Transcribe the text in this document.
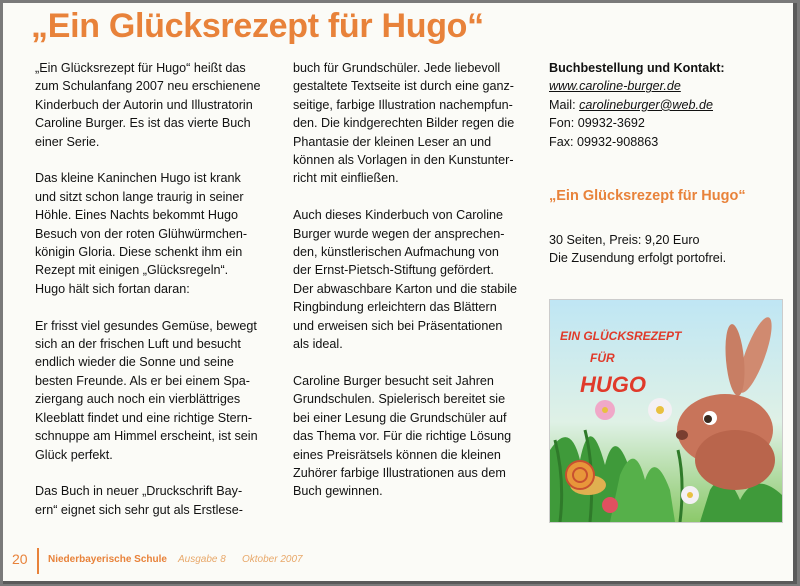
„Ein Glücksrezept für Hugo“

„Ein Glücksrezept für Hugo“ heißt das
zum Schulanfang 2007 neu erschienene
Kinderbuch der Autorin und Illustratorin
Caroline Burger. Es ist das vierte Buch
einer Serie.

Das kleine Kaninchen Hugo ist krank
und sitzt schon lange traurig in seiner
Höhle. Eines Nachts bekommt Hugo
Besuch von der roten Glühwürmchen-
königin Gloria. Diese schenkt ihm ein
Rezept mit einigen „Glücksregeln“.
Hugo hält sich fortan daran:

Er frisst viel gesundes Gemüse, bewegt
sich an der frischen Luft und besucht
endlich wieder die Sonne und seine
besten Freunde. Als er bei einem Spa-
ziergang auch noch ein vierblättriges
Kleeblatt findet und eine richtige Stern-
schnuppe am Himmel erscheint, ist sein
Glück perfekt.

Das Buch in neuer „Druckschrift Bay-
ern“ eignet sich sehr gut als Erstlese-

buch für Grundschüler. Jede liebevoll
gestaltete Textseite ist durch eine ganz-
seitige, farbige Illustration nachempfun-
den. Die kindgerechten Bilder regen die
Phantasie der kleinen Leser an und
können als Vorlagen in den Kunstunter-
richt mit einfließen.

Auch dieses Kinderbuch von Caroline
Burger wurde wegen der ansprechen-
den, künstlerischen Aufmachung von
der Ernst-Pietsch-Stiftung gefördert.
Der abwaschbare Karton und die stabile
Ringbindung erleichtern das Blättern
und erweisen sich bei Präsentationen
als ideal.

Caroline Burger besucht seit Jahren
Grundschulen. Spielerisch bereitet sie
bei einer Lesung die Grundschüler auf
das Thema vor. Für die richtige Lösung
eines Preisrätsels können die kleinen
Zuhörer farbige Illustrationen aus dem
Buch gewinnen.

Buchbestellung und Kontakt:
www.caroline-burger.de
Mail: carolineburger@web.de
Fon: 09932-3692
Fax: 09932-908863
„Ein Glücksrezept für Hugo“
30 Seiten, Preis: 9,20 Euro
Die Zusendung erfolgt portofrei.
EIN GLÜCKSREZEPT
FÜR
HUGO
20 Niederbayerische Schule Ausgabe 8 Oktober 2007
